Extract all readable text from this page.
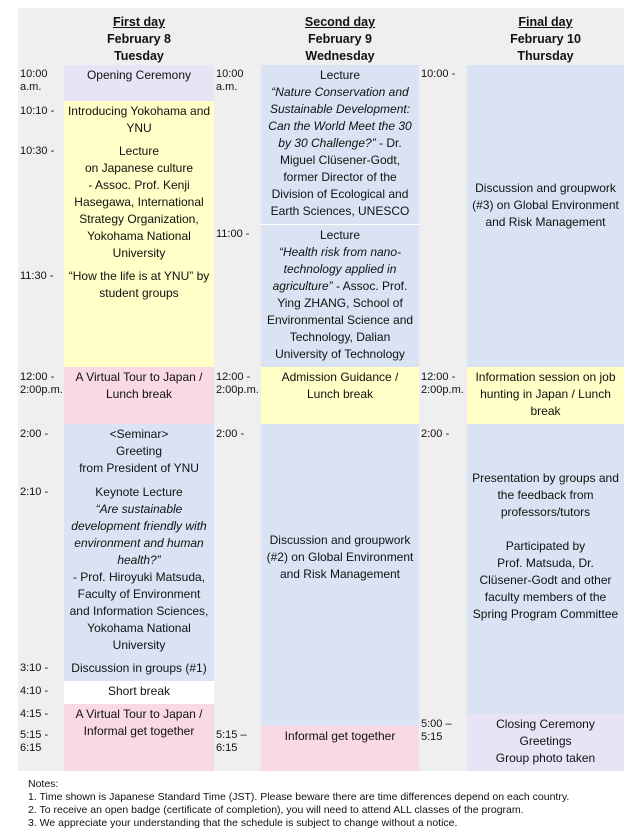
First day
February 8
Tuesday
Second day
February 9
Wednesday
Final day
February 10
Thursday
10:00 a.m.
10:10 -
10:30 -
11:30 -
12:00 - 2:00p.m.
2:00 -
2:10 -
3:10 -
4:10 -
4:15 -
5:15 - 6:15
Opening Ceremony
Introducing Yokohama and YNU
Lecture
on Japanese culture
- Assoc. Prof. Kenji Hasegawa, International Strategy Organization, Yokohama National University
“How the life is at YNU” by student groups
A Virtual Tour to Japan / Lunch break
<Seminar>
Greeting
from President of YNU
Keynote Lecture
“Are sustainable development friendly with environment and human health?”
- Prof. Hiroyuki Matsuda, Faculty of Environment and Information Sciences, Yokohama National University
Discussion in groups (#1)
Short break
A Virtual Tour to Japan / Informal get together
10:00 a.m.
11:00 -
12:00 - 2:00p.m.
2:00 -
5:15 – 6:15
Lecture
“Nature Conservation and Sustainable Development: Can the World Meet the 30 by 30 Challenge?” - Dr. Miguel Clüsener-Godt, former Director of the Division of Ecological and Earth Sciences, UNESCO
Lecture
“Health risk from nano-technology applied in agriculture” - Assoc. Prof. Ying ZHANG, School of Environmental Science and Technology, Dalian University of Technology
Admission Guidance / Lunch break
Discussion and groupwork (#2) on Global Environment and Risk Management
Informal get together
10:00 -
12:00 - 2:00p.m.
2:00 -
5:00 – 5:15
Discussion and groupwork (#3) on Global Environment and Risk Management
Information session on job hunting in Japan / Lunch break
Presentation by groups and the feedback from professors/tutors
Participated by
Prof. Matsuda, Dr. Clüsener-Godt and other faculty members of the Spring Program Committee
Closing Ceremony
Greetings
Group photo taken
Notes:
1. Time shown is Japanese Standard Time (JST). Please beware there are time differences depend on each country.
2. To receive an open badge (certificate of completion), you will need to attend ALL classes of the program.
3. We appreciate your understanding that the schedule is subject to change without a notice.
